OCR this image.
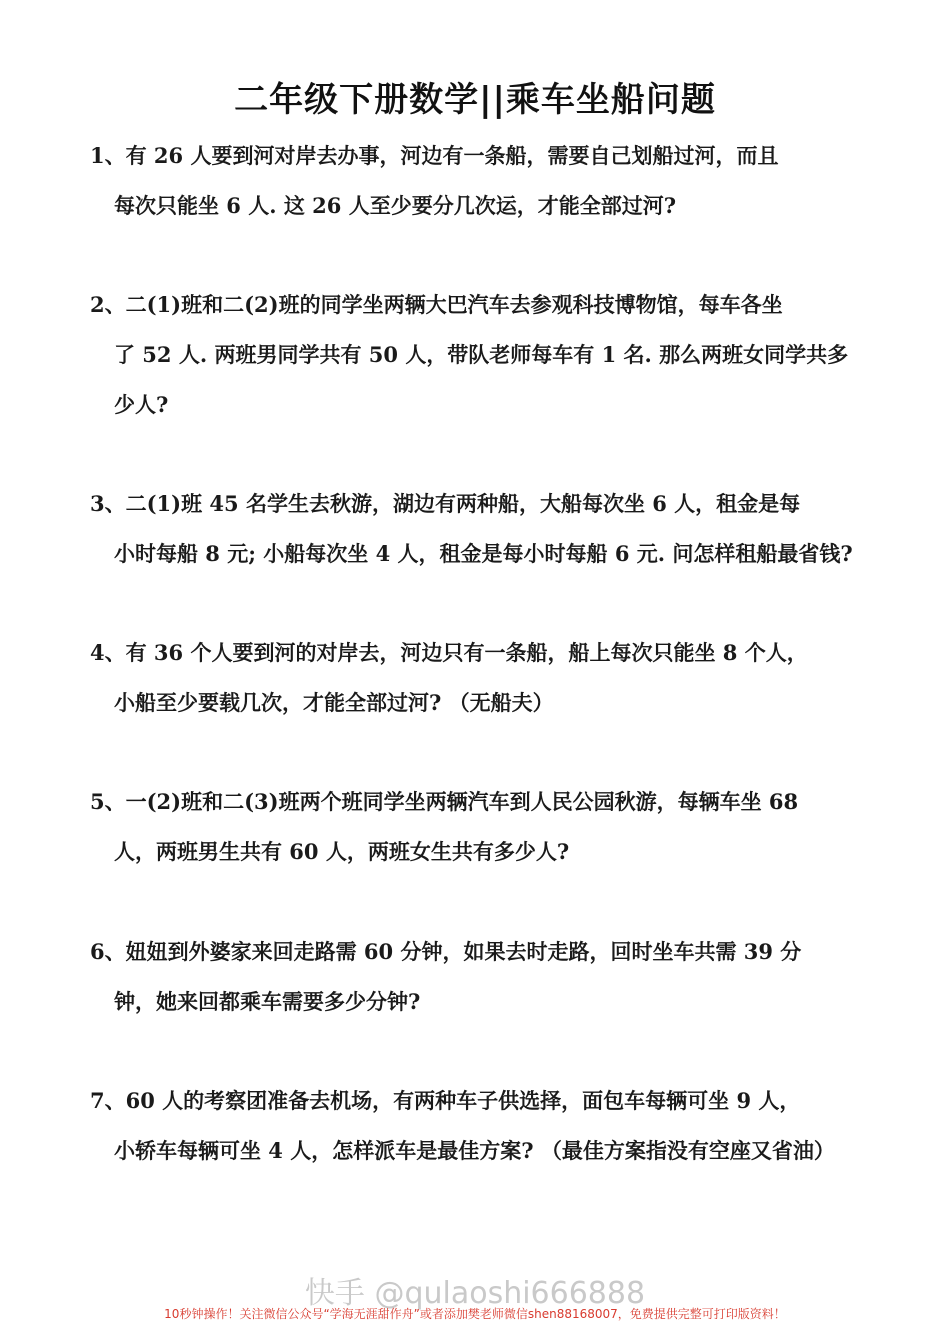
二年级下册数学||乘车坐船问题
1、有 26 人要到河对岸去办事，河边有一条船，需要自己划船过河，而且
每次只能坐 6 人. 这 26 人至少要分几次运，才能全部过河?
2、二(1)班和二(2)班的同学坐两辆大巴汽车去参观科技博物馆，每车各坐
了 52 人. 两班男同学共有 50 人，带队老师每车有 1 名. 那么两班女同学共多
少人?
3、二(1)班 45 名学生去秋游，湖边有两种船，大船每次坐 6 人，租金是每
小时每船 8 元; 小船每次坐 4 人，租金是每小时每船 6 元. 问怎样租船最省钱?
4、有 36 个人要到河的对岸去，河边只有一条船，船上每次只能坐 8 个人，
小船至少要载几次，才能全部过河? （无船夫）
5、一(2)班和二(3)班两个班同学坐两辆汽车到人民公园秋游，每辆车坐 68
人，两班男生共有 60 人，两班女生共有多少人?
6、妞妞到外婆家来回走路需 60 分钟，如果去时走路，回时坐车共需 39 分
钟，她来回都乘车需要多少分钟?
7、60 人的考察团准备去机场，有两种车子供选择，面包车每辆可坐 9 人，
小轿车每辆可坐 4 人，怎样派车是最佳方案? （最佳方案指没有空座又省油）
快手 @qulaoshi666888
10秒钟操作！关注微信公众号“学海无涯甜作舟”或者添加樊老师微信shen88168007，免费提供完整可打印版资料！
